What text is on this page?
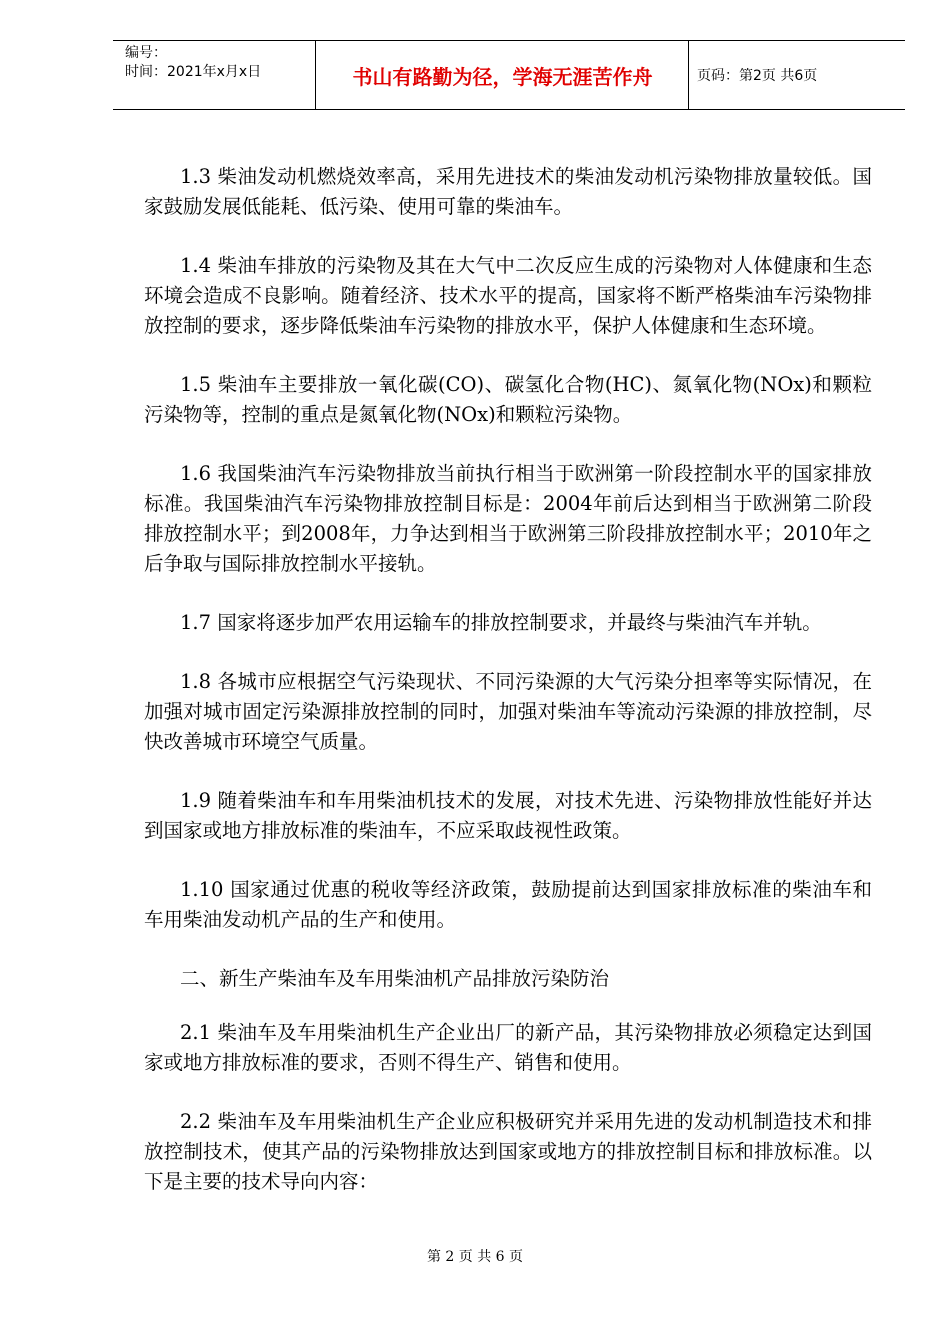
编号：
时间：2021年x月x日	书山有路勤为径，学海无涯苦作舟	页码：第2页 共6页

1.3 柴油发动机燃烧效率高，采用先进技术的柴油发动机污染物排放量较低。国家鼓励发展低能耗、低污染、使用可靠的柴油车。

1.4 柴油车排放的污染物及其在大气中二次反应生成的污染物对人体健康和生态环境会造成不良影响。随着经济、技术水平的提高，国家将不断严格柴油车污染物排放控制的要求，逐步降低柴油车污染物的排放水平，保护人体健康和生态环境。

1.5 柴油车主要排放一氧化碳(CO)、碳氢化合物(HC)、氮氧化物(NOx)和颗粒污染物等，控制的重点是氮氧化物(NOx)和颗粒污染物。

1.6 我国柴油汽车污染物排放当前执行相当于欧洲第一阶段控制水平的国家排放标准。我国柴油汽车污染物排放控制目标是：2004年前后达到相当于欧洲第二阶段排放控制水平；到2008年，力争达到相当于欧洲第三阶段排放控制水平；2010年之后争取与国际排放控制水平接轨。

1.7 国家将逐步加严农用运输车的排放控制要求，并最终与柴油汽车并轨。

1.8 各城市应根据空气污染现状、不同污染源的大气污染分担率等实际情况，在加强对城市固定污染源排放控制的同时，加强对柴油车等流动污染源的排放控制，尽快改善城市环境空气质量。

1.9 随着柴油车和车用柴油机技术的发展，对技术先进、污染物排放性能好并达到国家或地方排放标准的柴油车，不应采取歧视性政策。

1.10 国家通过优惠的税收等经济政策，鼓励提前达到国家排放标准的柴油车和车用柴油发动机产品的生产和使用。

二、新生产柴油车及车用柴油机产品排放污染防治

2.1 柴油车及车用柴油机生产企业出厂的新产品，其污染物排放必须稳定达到国家或地方排放标准的要求，否则不得生产、销售和使用。

2.2 柴油车及车用柴油机生产企业应积极研究并采用先进的发动机制造技术和排放控制技术，使其产品的污染物排放达到国家或地方的排放控制目标和排放标准。以下是主要的技术导向内容：

第 2 页 共 6 页
